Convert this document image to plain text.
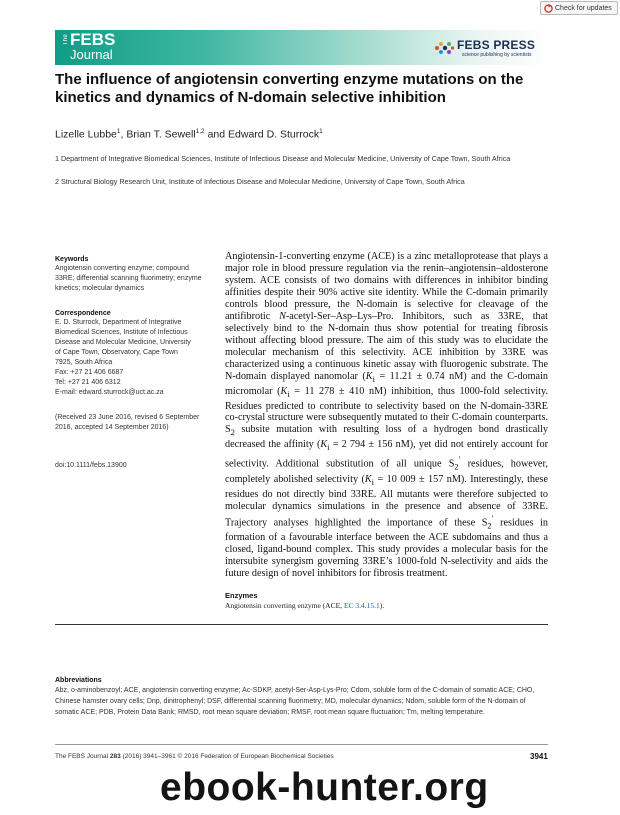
Check for updates
The FEBS
Journal
FEBS PRESS
science publishing by scientists
The influence of angiotensin converting enzyme mutations on the kinetics and dynamics of N-domain selective inhibition
Lizelle Lubbe$^1$, Brian T. Sewell$^{1,2}$ and Edward D. Sturrock$^1$
1 Department of Integrative Biomedical Sciences, Institute of Infectious Disease and Molecular Medicine, University of Cape Town, South Africa
2 Structural Biology Research Unit, Institute of Infectious Disease and Molecular Medicine, University of Cape Town, South Africa
Keywords
Angiotensin converting enzyme; compound 33RE; differential scanning fluorimetry; enzyme kinetics; molecular dynamics
Correspondence
E. D. Sturrock, Department of Integrative
Biomedical Sciences, Institute of Infectious
Disease and Molecular Medicine, University
of Cape Town, Observatory, Cape Town
7925, South Africa
Fax: +27 21 406 6687
Tel: +27 21 406 6312
E-mail: edward.sturrock@uct.ac.za
(Received 23 June 2016, revised 6 September 2016, accepted 14 September 2016)
doi:10.1111/febs.13900
Angiotensin-1-converting enzyme (ACE) is a zinc metalloprotease that plays a major role in blood pressure regulation via the renin–angiotensin–aldosterone system. ACE consists of two domains with differences in inhibitor binding affinities despite their 90% active site identity. While the C-domain primarily controls blood pressure, the N-domain is selective for cleavage of the antifibrotic N-acetyl-Ser–Asp–Lys–Pro. Inhibitors, such as 33RE, that selectively bind to the N-domain thus show potential for treating fibrosis without affecting blood pressure. The aim of this study was to elucidate the molecular mechanism of this selectivity. ACE inhibition by 33RE was characterized using a continuous kinetic assay with fluorogenic substrate. The N-domain displayed nanomolar ($K_i = 11.21 \pm 0.74$ nM) and the C-domain micromolar ($K_i = 11$ 278 ± 410 nM) inhibition, thus 1000-fold selectivity. Residues predicted to contribute to selectivity based on the N-domain-33RE co-crystal structure were subsequently mutated to their C-domain counterparts. $S_2$ subsite mutation with resulting loss of a hydrogen bond drastically decreased the affinity ($K_i = 2$ 794 ± 156 nM), yet did not entirely account for selectivity. Additional substitution of all unique $S_2'$ residues, however, completely abolished selectivity ($K_i = 10$ 009 ± 157 nM). Interestingly, these residues do not directly bind 33RE. All mutants were therefore subjected to molecular dynamics simulations in the presence and absence of 33RE. Trajectory analyses highlighted the importance of these $S_2'$ residues in formation of a favourable interface between the ACE subdomains and thus a closed, ligand-bound complex. This study provides a molecular basis for the intersubite synergism governing 33RE’s 1000-fold N-selectivity and aids the future design of novel inhibitors for fibrosis treatment.
Enzymes
Angiotensin converting enzyme (ACE, EC 3.4.15.1).
Abbreviations
Abz, o-aminobenzoyl; ACE, angiotensin converting enzyme; Ac-SDKP, acetyl-Ser-Asp-Lys-Pro; Cdom, soluble form of the C-domain of somatic ACE; CHO, Chinese hamster ovary cells; Dnp, dinitrophenyl; DSF, differential scanning fluorimetry; MD, molecular dynamics; Ndom, soluble form of the N-domain of somatic ACE; PDB, Protein Data Bank; RMSD, root mean square deviation; RMSF, root mean square fluctuation; Tm, melting temperature.
The FEBS Journal 283 (2016) 3941–3961 © 2016 Federation of European Biochemical Societies	3941
ebook-hunter.org
